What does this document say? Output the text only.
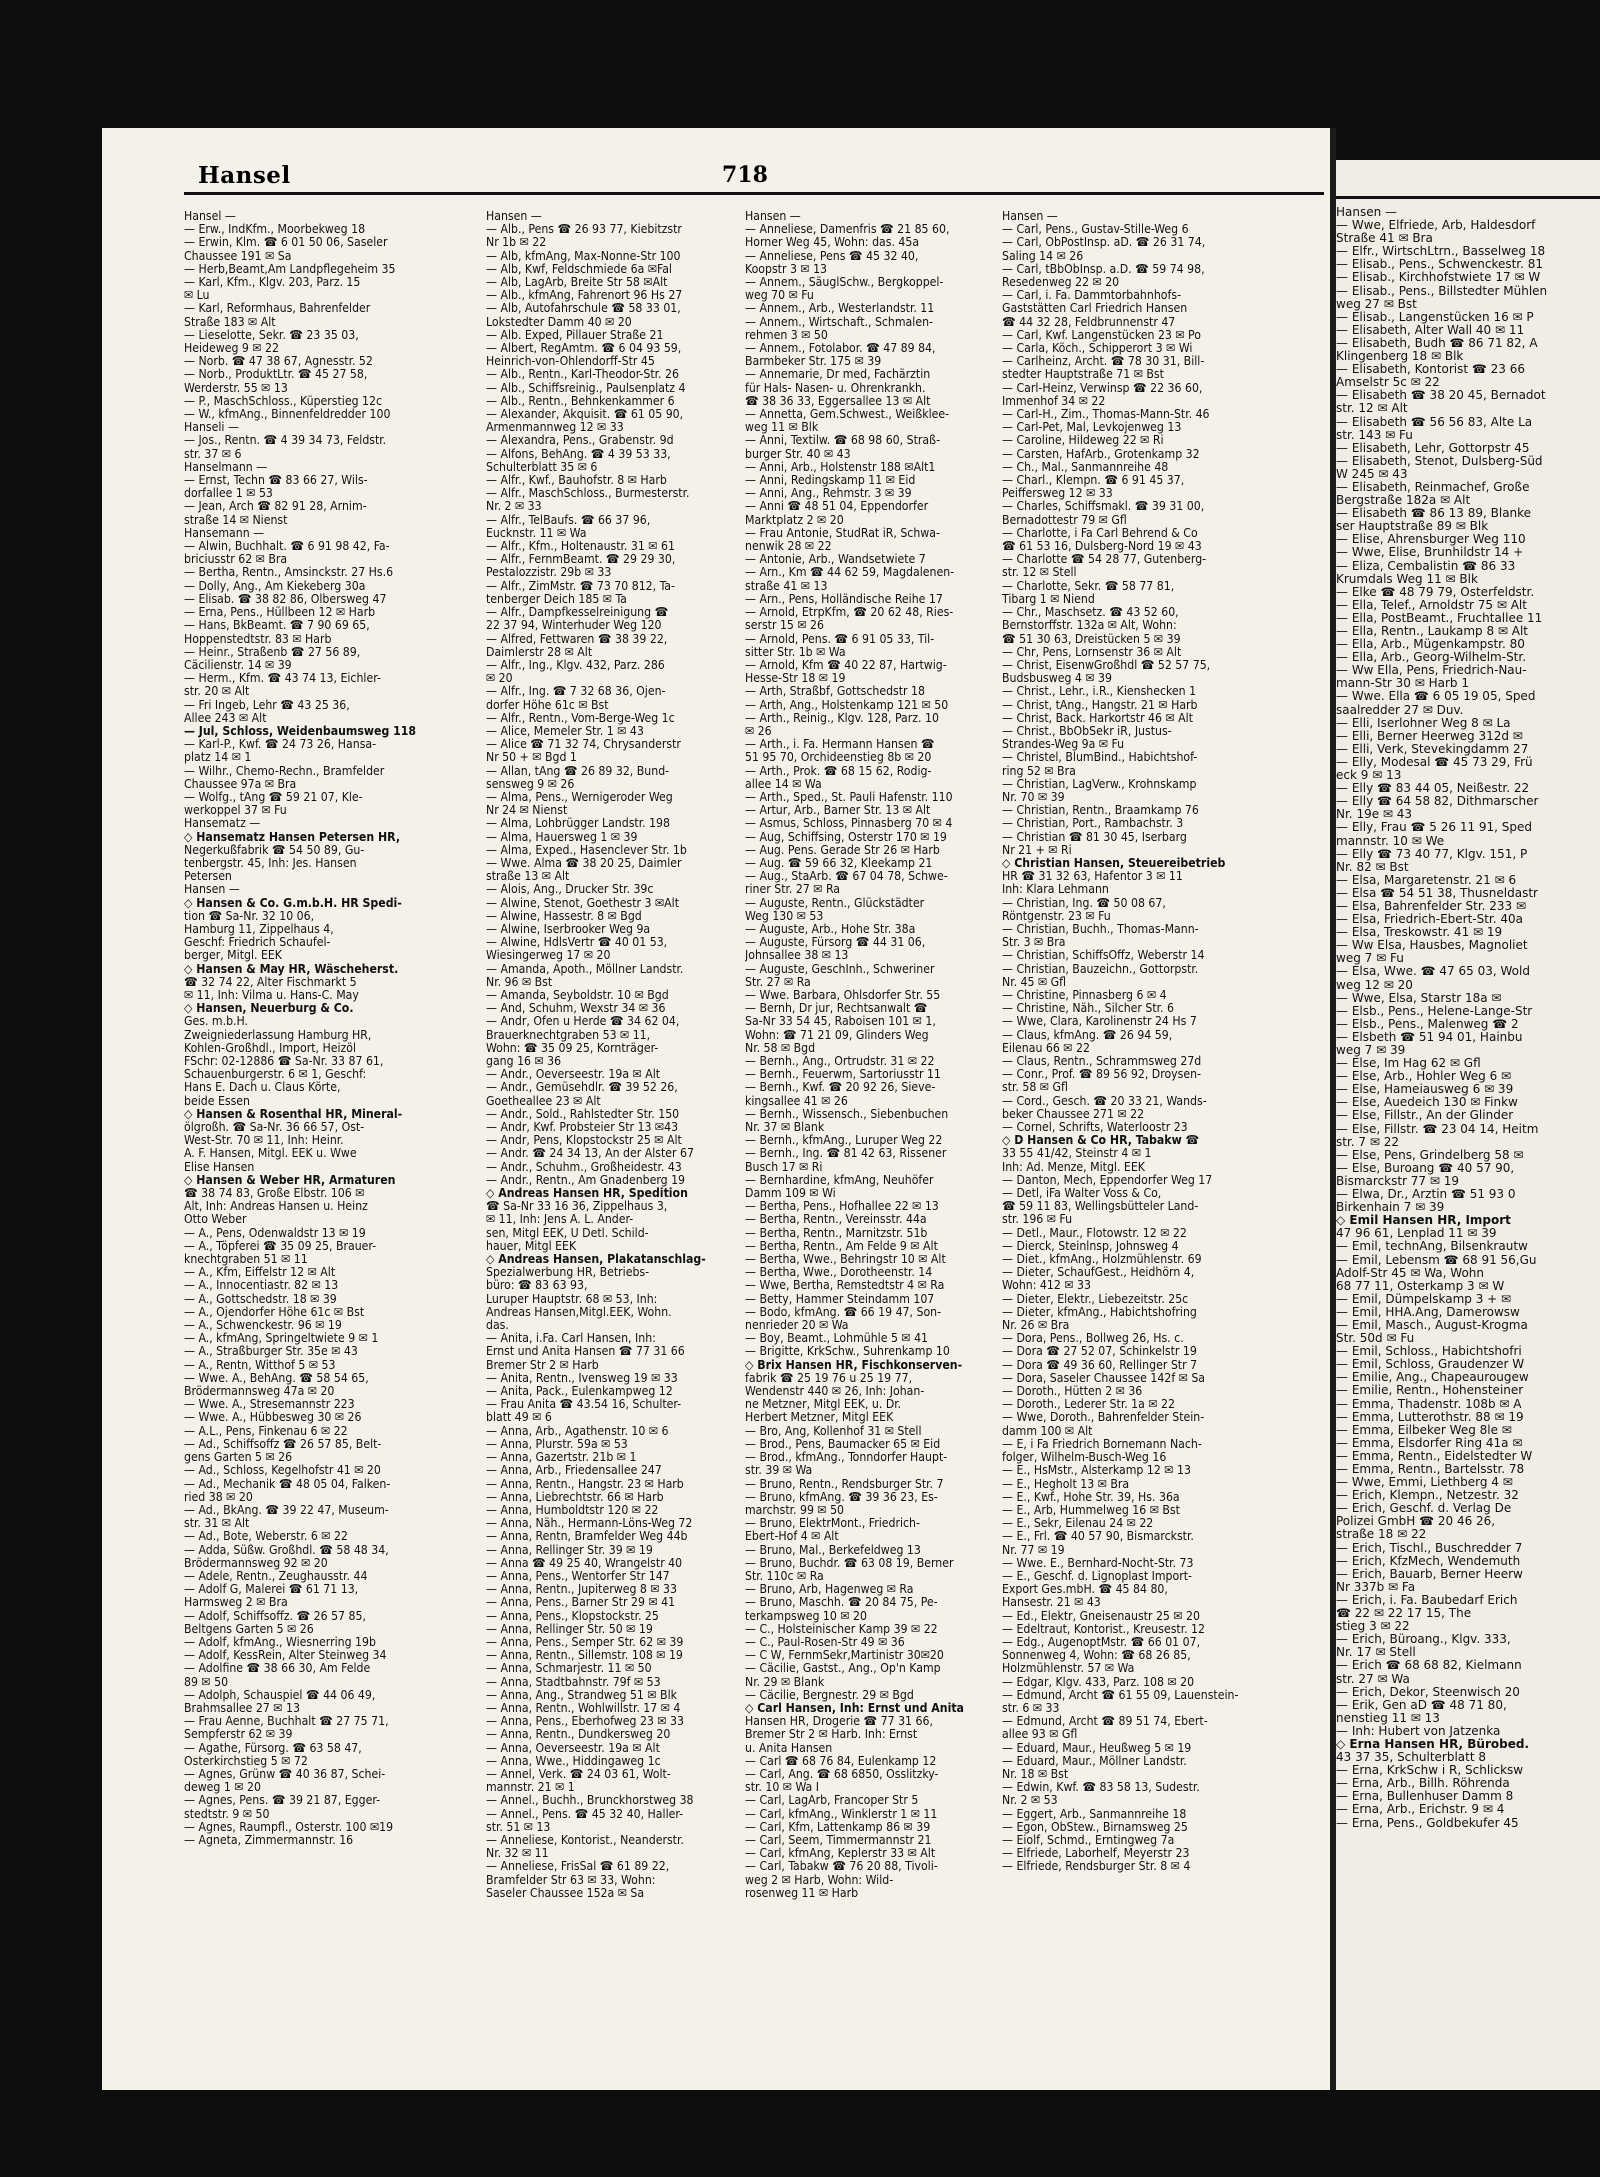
Hansel	718
Hansel —
— Erw., IndKfm., Moorbekweg 18
— Erwin, Klm. ☎ 6 01 50 06, Saseler
Chaussee 191 ✉ Sa
— Herb,Beamt,Am Landpflegeheim 35
— Karl, Kfm., Klgv. 203, Parz. 15
✉ Lu
— Karl, Reformhaus, Bahrenfelder
Straße 183 ✉ Alt
— Lieselotte, Sekr. ☎ 23 35 03,
Heideweg 9 ✉ 22
— Norb. ☎ 47 38 67, Agnesstr. 52
— Norb., ProduktLtr. ☎ 45 27 58,
Werderstr. 55 ✉ 13
— P., MaschSchloss., Küperstieg 12c
— W., kfmAng., Binnenfeldredder 100
Hanseli —
— Jos., Rentn. ☎ 4 39 34 73, Feldstr.
str. 37 ✉ 6
Hanselmann —
— Ernst, Techn ☎ 83 66 27, Wils-
dorfallee 1 ✉ 53
— Jean, Arch ☎ 82 91 28, Arnim-
straße 14 ✉ Nienst
Hansemann —
— Alwin, Buchhalt. ☎ 6 91 98 42, Fa-
briciusstr 62 ✉ Bra
— Bertha, Rentn., Amsinckstr. 27 Hs.6
— Dolly, Ang., Am Kiekeberg 30a
— Elisab. ☎ 38 82 86, Olbersweg 47
— Erna, Pens., Hüllbeen 12 ✉ Harb
— Hans, BkBeamt. ☎ 7 90 69 65,
Hoppenstedtstr. 83 ✉ Harb
— Heinr., Straßenb ☎ 27 56 89,
Cäcilienstr. 14 ✉ 39
— Herm., Kfm. ☎ 43 74 13, Eichler-
str. 20 ✉ Alt
— Fri Ingeb, Lehr ☎ 43 25 36,
Allee 243 ✉ Alt
— Jul, Schloss, Weidenbaumsweg 118
— Karl-P., Kwf. ☎ 24 73 26, Hansa-
platz 14 ✉ 1
— Wilhr., Chemo-Rechn., Bramfelder
Chaussee 97a ✉ Bra
— Wolfg., tAng ☎ 59 21 07, Kle-
werkoppel 37 ✉ Fu
Hansematz —
◇ Hansematz Hansen Petersen HR,
Negerkußfabrik ☎ 54 50 89, Gu-
tenbergstr. 45, Inh: Jes. Hansen
Petersen
Hansen —
◇ Hansen & Co. G.m.b.H. HR Spedi-
tion ☎ Sa-Nr. 32 10 06,
Hamburg 11, Zippelhaus 4,
Geschf: Friedrich Schaufel-
berger, Mitgl. EEK
◇ Hansen & May HR, Wäscheherst.
☎ 32 74 22, Alter Fischmarkt 5
✉ 11, Inh: Vilma u. Hans-C. May
◇ Hansen, Neuerburg & Co.
Ges. m.b.H.
Zweigniederlassung Hamburg HR,
Kohlen-Großhdl., Import, Heizöl
FSchr: 02-12886 ☎ Sa-Nr. 33 87 61,
Schauenburgerstr. 6 ✉ 1, Geschf:
Hans E. Dach u. Claus Körte,
beide Essen
◇ Hansen & Rosenthal HR, Mineral-
ölgroßh. ☎ Sa-Nr. 36 66 57, Ost-
West-Str. 70 ✉ 11, Inh: Heinr.
A. F. Hansen, Mitgl. EEK u. Wwe
Elise Hansen
◇ Hansen & Weber HR, Armaturen
☎ 38 74 83, Große Elbstr. 106 ✉
Alt, Inh: Andreas Hansen u. Heinz
Otto Weber
— A., Pens, Odenwaldstr 13 ✉ 19
— A., Töpferei ☎ 35 09 25, Brauer-
knechtgraben 51 ✉ 11
— A., Kfm, Eiffelstr 12 ✉ Alt
— A., Innocentiastr. 82 ✉ 13
— A., Gottschedstr. 18 ✉ 39
— A., Öjendorfer Höhe 61c ✉ Bst
— A., Schwenckestr. 96 ✉ 19
— A., kfmAng, Springeltwiete 9 ✉ 1
— A., Straßburger Str. 35e ✉ 43
— A., Rentn, Witthof 5 ✉ 53
— Wwe. A., BehAng. ☎ 58 54 65,
Brödermannsweg 47a ✉ 20
— Wwe. A., Stresemannstr 223
— Wwe. A., Hübbesweg 30 ✉ 26
— A.L., Pens, Finkenau 6 ✉ 22
— Ad., Schiffsoffz ☎ 26 57 85, Belt-
gens Garten 5 ✉ 26
— Ad., Schloss, Kegelhofstr 41 ✉ 20
— Ad., Mechanik ☎ 48 05 04, Falken-
ried 38 ✉ 20
— Ad., BkAng. ☎ 39 22 47, Museum-
str. 31 ✉ Alt
— Ad., Bote, Weberstr. 6 ✉ 22
— Adda, Süßw. Großhdl. ☎ 58 48 34,
Brödermannsweg 92 ✉ 20
— Adele, Rentn., Zeughausstr. 44
— Adolf G, Malerei ☎ 61 71 13,
Harmsweg 2 ✉ Bra
— Adolf, Schiffsoffz. ☎ 26 57 85,
Beltgens Garten 5 ✉ 26
— Adolf, kfmAng., Wiesnerring 19b
— Adolf, KessRein, Alter Steinweg 34
— Adolfine ☎ 38 66 30, Am Felde
89 ✉ 50
— Adolph, Schauspiel ☎ 44 06 49,
Brahmsallee 27 ✉ 13
— Frau Aenne, Buchhalt ☎ 27 75 71,
Sempferstr 62 ✉ 39
— Agathe, Fürsorg. ☎ 63 58 47,
Osterkirchstieg 5 ✉ 72
— Agnes, Grünw ☎ 40 36 87, Schei-
deweg 1 ✉ 20
— Agnes, Pens. ☎ 39 21 87, Egger-
stedtstr. 9 ✉ 50
— Agnes, Raumpfl., Osterstr. 100 ✉19
— Agneta, Zimmermannstr. 16
Hansen —
— Alb., Pens ☎ 26 93 77, Kiebitzstr
Nr 1b ✉ 22
— Alb, kfmAng, Max-Nonne-Str 100
— Alb, Kwf, Feldschmiede 6a ✉Fal
— Alb, LagArb, Breite Str 58 ✉Alt
— Alb., kfmAng, Fahrenort 96 Hs 27
— Alb, Autofahrschule ☎ 58 33 01,
Lokstedter Damm 40 ✉ 20
— Alb. Exped, Pillauer Straße 21
— Albert, RegAmtm. ☎ 6 04 93 59,
Heinrich-von-Ohlendorff-Str 45
— Alb., Rentn., Karl-Theodor-Str. 26
— Alb., Schiffsreinig., Paulsenplatz 4
— Alb., Rentn., Behnkenkammer 6
— Alexander, Akquisit. ☎ 61 05 90,
Armenmannweg 12 ✉ 33
— Alexandra, Pens., Grabenstr. 9d
— Alfons, BehAng. ☎ 4 39 53 33,
Schulterblatt 35 ✉ 6
— Alfr., Kwf., Bauhofstr. 8 ✉ Harb
— Alfr., MaschSchloss., Burmesterstr.
Nr. 2 ✉ 33
— Alfr., TelBaufs. ☎ 66 37 96,
Eucknstr. 11 ✉ Wa
— Alfr., Kfm., Holtenaustr. 31 ✉ 61
— Alfr., FernmBeamt. ☎ 29 29 30,
Pestalozzistr. 29b ✉ 33
— Alfr., ZimMstr. ☎ 73 70 812, Ta-
tenberger Deich 185 ✉ Ta
— Alfr., Dampfkesselreinigung ☎
22 37 94, Winterhuder Weg 120
— Alfred, Fettwaren ☎ 38 39 22,
Daimlerstr 28 ✉ Alt
— Alfr., Ing., Klgv. 432, Parz. 286
✉ 20
— Alfr., Ing. ☎ 7 32 68 36, Ojen-
dorfer Höhe 61c ✉ Bst
— Alfr., Rentn., Vom-Berge-Weg 1c
— Alice, Memeler Str. 1 ✉ 43
— Alice ☎ 71 32 74, Chrysanderstr
Nr 50 + ✉ Bgd 1
— Allan, tAng ☎ 26 89 32, Bund-
sensweg 9 ✉ 26
— Alma, Pens., Wernigeroder Weg
Nr 24 ✉ Nienst
— Alma, Lohbrügger Landstr. 198
— Alma, Hauersweg 1 ✉ 39
— Alma, Exped., Hasenclever Str. 1b
— Wwe. Alma ☎ 38 20 25, Daimler
straße 13 ✉ Alt
— Alois, Ang., Drucker Str. 39c
— Alwine, Stenot, Goethestr 3 ✉Alt
— Alwine, Hassestr. 8 ✉ Bgd
— Alwine, Iserbrooker Weg 9a
— Alwine, HdlsVertr ☎ 40 01 53,
Wiesingerweg 17 ✉ 20
— Amanda, Apoth., Möllner Landstr.
Nr. 96 ✉ Bst
— Amanda, Seyboldstr. 10 ✉ Bgd
— And, Schuhm, Wexstr 34 ✉ 36
— Andr, Ofen u Herde ☎ 34 62 04,
Brauerknechtgraben 53 ✉ 11,
Wohn: ☎ 35 09 25, Kornträger-
gang 16 ✉ 36
— Andr., Oeverseestr. 19a ✉ Alt
— Andr., Gemüsehdlr. ☎ 39 52 26,
Goetheallee 23 ✉ Alt
— Andr., Sold., Rahlstedter Str. 150
— Andr, Kwf. Probsteier Str 13 ✉43
— Andr, Pens, Klopstockstr 25 ✉ Alt
— Andr. ☎ 24 34 13, An der Alster 67
— Andr., Schuhm., Großheidestr. 43
— Andr., Rentn., Am Gnadenberg 19
◇ Andreas Hansen HR, Spedition
☎ Sa-Nr 33 16 36, Zippelhaus 3,
✉ 11, Inh: Jens A. L. Ander-
sen, Mitgl EEK, U Detl. Schild-
hauer, Mitgl EEK
◇ Andreas Hansen, Plakatanschlag-
Spezialwerbung HR, Betriebs-
büro: ☎ 83 63 93,
Luruper Hauptstr. 68 ✉ 53, Inh:
Andreas Hansen,Mitgl.EEK, Wohn.
das.
— Anita, i.Fa. Carl Hansen, Inh:
Ernst und Anita Hansen ☎ 77 31 66
Bremer Str 2 ✉ Harb
— Anita, Rentn., Ivensweg 19 ✉ 33
— Anita, Pack., Eulenkampweg 12
— Frau Anita ☎ 43.54 16, Schulter-
blatt 49 ✉ 6
— Anna, Arb., Agathenstr. 10 ✉ 6
— Anna, Plurstr. 59a ✉ 53
— Anna, Gazertstr. 21b ✉ 1
— Anna, Arb., Friedensallee 247
— Anna, Rentn., Hangstr. 23 ✉ Harb
— Anna, Liebrechtstr. 66 ✉ Harb
— Anna, Humboldtstr 120 ✉ 22
— Anna, Näh., Hermann-Löns-Weg 72
— Anna, Rentn, Bramfelder Weg 44b
— Anna, Rellinger Str. 39 ✉ 19
— Anna ☎ 49 25 40, Wrangelstr 40
— Anna, Pens., Wentorfer Str 147
— Anna, Rentn., Jupiterweg 8 ✉ 33
— Anna, Pens., Barner Str 29 ✉ 41
— Anna, Pens., Klopstockstr. 25
— Anna, Rellinger Str. 50 ✉ 19
— Anna, Pens., Semper Str. 62 ✉ 39
— Anna, Rentn., Sillemstr. 108 ✉ 19
— Anna, Schmarjestr. 11 ✉ 50
— Anna, Stadtbahnstr. 79f ✉ 53
— Anna, Ang., Strandweg 51 ✉ Blk
— Anna, Rentn., Wohlwillstr. 17 ✉ 4
— Anna, Pens., Eberhofweg 23 ✉ 33
— Anna, Rentn., Dundkersweg 20
— Anna, Oeverseestr. 19a ✉ Alt
— Anna, Wwe., Hiddingaweg 1c
— Annel, Verk. ☎ 24 03 61, Wolt-
mannstr. 21 ✉ 1
— Annel., Buchh., Brunckhorstweg 38
— Annel., Pens. ☎ 45 32 40, Haller-
str. 51 ✉ 13
— Anneliese, Kontorist., Neanderstr.
Nr. 32 ✉ 11
— Anneliese, FrisSal ☎ 61 89 22,
Bramfelder Str 63 ✉ 33, Wohn:
Saseler Chaussee 152a ✉ Sa
Hansen —
— Anneliese, Damenfris ☎ 21 85 60,
Horner Weg 45, Wohn: das. 45a
— Anneliese, Pens ☎ 45 32 40,
Koopstr 3 ✉ 13
— Annem., SäuglSchw., Bergkoppel-
weg 70 ✉ Fu
— Annem., Arb., Westerlandstr. 11
— Annem., Wirtschaft., Schmalen-
rehmen 3 ✉ 50
— Annem., Fotolabor. ☎ 47 89 84,
Barmbeker Str. 175 ✉ 39
— Annemarie, Dr med, Fachärztin
für Hals- Nasen- u. Ohrenkrankh.
☎ 38 36 33, Eggersallee 13 ✉ Alt
— Annetta, Gem.Schwest., Weißklee-
weg 11 ✉ Blk
— Anni, Textilw. ☎ 68 98 60, Straß-
burger Str. 40 ✉ 43
— Anni, Arb., Holstenstr 188 ✉Alt1
— Anni, Redingskamp 11 ✉ Eid
— Anni, Ang., Rehmstr. 3 ✉ 39
— Anni ☎ 48 51 04, Eppendorfer
Marktplatz 2 ✉ 20
— Frau Antonie, StudRat iR, Schwa-
nenwik 28 ✉ 22
— Antonie, Arb., Wandsetwiete 7
— Arn., Km ☎ 44 62 59, Magdalenen-
straße 41 ✉ 13
— Arn., Pens, Holländische Reihe 17
— Arnold, EtrpKfm, ☎ 20 62 48, Ries-
serstr 15 ✉ 26
— Arnold, Pens. ☎ 6 91 05 33, Til-
sitter Str. 1b ✉ Wa
— Arnold, Kfm ☎ 40 22 87, Hartwig-
Hesse-Str 18 ✉ 19
— Arth, Straßbf, Gottschedstr 18
— Arth, Ang., Holstenkamp 121 ✉ 50
— Arth., Reinig., Klgv. 128, Parz. 10
✉ 26
— Arth., i. Fa. Hermann Hansen ☎
51 95 70, Orchideenstieg 8b ✉ 20
— Arth., Prok. ☎ 68 15 62, Rodig-
allee 14 ✉ Wa
— Arth., Sped., St. Pauli Hafenstr. 110
— Artur, Arb., Barner Str. 13 ✉ Alt
— Asmus, Schloss, Pinnasberg 70 ✉ 4
— Aug, Schiffsing, Osterstr 170 ✉ 19
— Aug. Pens. Gerade Str 26 ✉ Harb
— Aug. ☎ 59 66 32, Kleekamp 21
— Aug., StaArb. ☎ 67 04 78, Schwe-
riner Str. 27 ✉ Ra
— Auguste, Rentn., Glückstädter
Weg 130 ✉ 53
— Auguste, Arb., Hohe Str. 38a
— Auguste, Fürsorg ☎ 44 31 06,
Johnsallee 38 ✉ 13
— Auguste, GeschInh., Schweriner
Str. 27 ✉ Ra
— Wwe. Barbara, Ohlsdorfer Str. 55
— Bernh, Dr jur, Rechtsanwalt ☎
Sa-Nr 33 54 45, Raboisen 101 ✉ 1,
Wohn: ☎ 71 21 09, Glinders Weg
Nr. 58 ✉ Bgd
— Bernh., Ang., Ortrudstr. 31 ✉ 22
— Bernh., Feuerwm, Sartoriusstr 11
— Bernh., Kwf. ☎ 20 92 26, Sieve-
kingsallee 41 ✉ 26
— Bernh., Wissensch., Siebenbuchen
Nr. 37 ✉ Blank
— Bernh., kfmAng., Luruper Weg 22
— Bernh., Ing. ☎ 81 42 63, Rissener
Busch 17 ✉ Ri
— Bernhardine, kfmAng, Neuhöfer
Damm 109 ✉ Wi
— Bertha, Pens., Hofhallee 22 ✉ 13
— Bertha, Rentn., Vereinsstr. 44a
— Bertha, Rentn., Marnitzstr. 51b
— Bertha, Rentn., Am Felde 9 ✉ Alt
— Bertha, Wwe., Behringstr 10 ✉ Alt
— Bertha, Wwe., Dorotheenstr. 14
— Wwe, Bertha, Remstedtstr 4 ✉ Ra
— Betty, Hammer Steindamm 107
— Bodo, kfmAng. ☎ 66 19 47, Son-
nenrieder 20 ✉ Wa
— Boy, Beamt., Lohmühle 5 ✉ 41
— Brigitte, KrkSchw., Suhrenkamp 10
◇ Brix Hansen HR, Fischkonserven-
fabrik ☎ 25 19 76 u 25 19 77,
Wendenstr 440 ✉ 26, Inh: Johan-
ne Metzner, Mitgl EEK, u. Dr.
Herbert Metzner, Mitgl EEK
— Bro, Ang, Kollenhof 31 ✉ Stell
— Brod., Pens, Baumacker 65 ✉ Eid
— Brod., kfmAng., Tonndorfer Haupt-
str. 39 ✉ Wa
— Bruno, Rentn., Rendsburger Str. 7
— Bruno, kfmAng. ☎ 39 36 23, Es-
marchstr. 99 ✉ 50
— Bruno, ElektrMont., Friedrich-
Ebert-Hof 4 ✉ Alt
— Bruno, Mal., Berkefeldweg 13
— Bruno, Buchdr. ☎ 63 08 19, Berner
Str. 110c ✉ Ra
— Bruno, Arb, Hagenweg ✉ Ra
— Bruno, Maschh. ☎ 20 84 75, Pe-
terkampsweg 10 ✉ 20
— C., Holsteinischer Kamp 39 ✉ 22
— C., Paul-Rosen-Str 49 ✉ 36
— C W, FernmSekr,Martinistr 30✉20
— Cäcilie, Gastst., Ang., Op'n Kamp
Nr. 29 ✉ Blank
— Cäcilie, Bergnestr. 29 ✉ Bgd
◇ Carl Hansen, Inh: Ernst und Anita
Hansen HR, Drogerie ☎ 77 31 66,
Bremer Str 2 ✉ Harb. Inh: Ernst
u. Anita Hansen
— Carl ☎ 68 76 84, Eulenkamp 12
— Carl, Ang. ☎ 68 6850, Osslitzky-
str. 10 ✉ Wa I
— Carl, LagArb, Francoper Str 5
— Carl, kfmAng., Winklerstr 1 ✉ 11
— Carl, Kfm, Lattenkamp 86 ✉ 39
— Carl, Seem, Timmermannstr 21
— Carl, kfmAng, Keplerstr 33 ✉ Alt
— Carl, Tabakw ☎ 76 20 88, Tivoli-
weg 2 ✉ Harb, Wohn: Wild-
rosenweg 11 ✉ Harb
Hansen —
— Carl, Pens., Gustav-Stille-Weg 6
— Carl, ObPostInsp. aD. ☎ 26 31 74,
Saling 14 ✉ 26
— Carl, tBbObInsp. a.D. ☎ 59 74 98,
Resedenweg 22 ✉ 20
— Carl, i. Fa. Dammtorbahnhofs-
Gaststätten Carl Friedrich Hansen
☎ 44 32 28, Feldbrunnenstr 47
— Carl, Kwf. Langenstücken 23 ✉ Po
— Carla, Köch., Schipperort 3 ✉ Wi
— Carlheinz, Archt. ☎ 78 30 31, Bill-
stedter Hauptstraße 71 ✉ Bst
— Carl-Heinz, Verwinsp ☎ 22 36 60,
Immenhof 34 ✉ 22
— Carl-H., Zim., Thomas-Mann-Str. 46
— Carl-Pet, Mal, Levkojenweg 13
— Caroline, Hildeweg 22 ✉ Ri
— Carsten, HafArb., Grotenkamp 32
— Ch., Mal., Sanmannreihe 48
— Charl., Klempn. ☎ 6 91 45 37,
Peiffersweg 12 ✉ 33
— Charles, Schiffsmakl. ☎ 39 31 00,
Bernadottestr 79 ✉ Gfl
— Charlotte, i Fa Carl Behrend & Co
☎ 61 53 16, Dulsberg-Nord 19 ✉ 43
— Charlotte ☎ 54 28 77, Gutenberg-
str. 12 ✉ Stell
— Charlotte, Sekr. ☎ 58 77 81,
Tibarg 1 ✉ Niend
— Chr., Maschsetz. ☎ 43 52 60,
Bernstorffstr. 132a ✉ Alt, Wohn:
☎ 51 30 63, Dreistücken 5 ✉ 39
— Chr, Pens, Lornsenstr 36 ✉ Alt
— Christ, EisenwGroßhdl ☎ 52 57 75,
Budsbusweg 4 ✉ 39
— Christ., Lehr., i.R., Kienshecken 1
— Christ, tAng., Hangstr. 21 ✉ Harb
— Christ, Back. Harkortstr 46 ✉ Alt
— Christ., BbObSekr iR, Justus-
Strandes-Weg 9a ✉ Fu
— Christel, BlumBind., Habichtshof-
ring 52 ✉ Bra
— Christian, LagVerw., Krohnskamp
Nr. 70 ✉ 39
— Christian, Rentn., Braamkamp 76
— Christian, Port., Rambachstr. 3
— Christian ☎ 81 30 45, Iserbarg
Nr 21 + ✉ Ri
◇ Christian Hansen, Steuereibetrieb
HR ☎ 31 32 63, Hafentor 3 ✉ 11
Inh: Klara Lehmann
— Christian, Ing. ☎ 50 08 67,
Röntgenstr. 23 ✉ Fu
— Christian, Buchh., Thomas-Mann-
Str. 3 ✉ Bra
— Christian, SchiffsOffz, Weberstr 14
— Christian, Bauzeichn., Gottorpstr.
Nr. 45 ✉ Gfl
— Christine, Pinnasberg 6 ✉ 4
— Christine, Näh., Silcher Str. 6
— Wwe, Clara, Karolinenstr 24 Hs 7
— Claus, kfmAng. ☎ 26 94 59,
Eilenau 66 ✉ 22
— Claus, Rentn., Schrammsweg 27d
— Conr., Prof. ☎ 89 56 92, Droysen-
str. 58 ✉ Gfl
— Cord., Gesch. ☎ 20 33 21, Wands-
beker Chaussee 271 ✉ 22
— Cornel, Schrifts, Waterloostr 23
◇ D Hansen & Co HR, Tabakw ☎
33 55 41/42, Steinstr 4 ✉ 1
Inh: Ad. Menze, Mitgl. EEK
— Danton, Mech, Eppendorfer Weg 17
— Detl, iFa Walter Voss & Co,
☎ 59 11 83, Wellingsbütteler Land-
str. 196 ✉ Fu
— Detl., Maur., Flotowstr. 12 ✉ 22
— Dierck, Steinlnsp, Johnsweg 4
— Diet., kfmAng., Holzmühlenstr. 69
— Dieter, SchaufGest., Heidhörn 4,
Wohn: 412 ✉ 33
— Dieter, Elektr., Liebezeitstr. 25c
— Dieter, kfmAng., Habichtshofring
Nr. 26 ✉ Bra
— Dora, Pens., Bollweg 26, Hs. c.
— Dora ☎ 27 52 07, Schinkelstr 19
— Dora ☎ 49 36 60, Rellinger Str 7
— Dora, Saseler Chaussee 142f ✉ Sa
— Doroth., Hütten 2 ✉ 36
— Doroth., Lederer Str. 1a ✉ 22
— Wwe, Doroth., Bahrenfelder Stein-
damm 100 ✉ Alt
— E, i Fa Friedrich Bornemann Nach-
folger, Wilhelm-Busch-Weg 16
— E., HsMstr., Alsterkamp 12 ✉ 13
— E., Hegholt 13 ✉ Bra
— E., Kwf., Hohe Str. 39, Hs. 36a
— E., Arb, Hummelweg 16 ✉ Bst
— E., Sekr, Eilenau 24 ✉ 22
— E., Frl. ☎ 40 57 90, Bismarckstr.
Nr. 77 ✉ 19
— Wwe. E., Bernhard-Nocht-Str. 73
— E., Geschf. d. Lignoplast Import-
Export Ges.mbH. ☎ 45 84 80,
Hansestr. 21 ✉ 43
— Ed., Elektr, Gneisenaustr 25 ✉ 20
— Edeltraut, Kontorist., Kreusestr. 12
— Edg., AugenoptMstr. ☎ 66 01 07,
Sonnenweg 4, Wohn: ☎ 68 26 85,
Holzmühlenstr. 57 ✉ Wa
— Edgar, Klgv. 433, Parz. 108 ✉ 20
— Edmund, Archt ☎ 61 55 09, Lauenstein-
str. 6 ✉ 33
— Edmund, Archt ☎ 89 51 74, Ebert-
allee 93 ✉ Gfl
— Eduard, Maur., Heußweg 5 ✉ 19
— Eduard, Maur., Möllner Landstr.
Nr. 18 ✉ Bst
— Edwin, Kwf. ☎ 83 58 13, Sudestr.
Nr. 2 ✉ 53
— Eggert, Arb., Sanmannreihe 18
— Egon, ObStew., Birnamsweg 25
— Eiolf, Schmd., Erntingweg 7a
— Elfriede, Laborhelf, Meyerstr 23
— Elfriede, Rendsburger Str. 8 ✉ 4
Hansen —
— Wwe, Elfriede, Arb, Haldesdorf
Straße 41 ✉ Bra
— Elfr., WirtschLtrn., Basselweg 18
— Elisab., Pens., Schwenckestr. 81
— Elisab., Kirchhofstwiete 17 ✉ W
— Elisab., Pens., Billstedter Mühlen
weg 27 ✉ Bst
— Elisab., Langenstücken 16 ✉ P
— Elisabeth, Alter Wall 40 ✉ 11
— Elisabeth, Budh ☎ 86 71 82, A
Klingenberg 18 ✉ Blk
— Elisabeth, Kontorist ☎ 23 66
Amselstr 5c ✉ 22
— Elisabeth ☎ 38 20 45, Bernadot
str. 12 ✉ Alt
— Elisabeth ☎ 56 56 83, Alte La
str. 143 ✉ Fu
— Elisabeth, Lehr, Gottorpstr 45
— Elisabeth, Stenot, Dulsberg-Süd
W 245 ✉ 43
— Elisabeth, Reinmachef, Große
Bergstraße 182a ✉ Alt
— Elisabeth ☎ 86 13 89, Blanke
ser Hauptstraße 89 ✉ Blk
— Elise, Ahrensburger Weg 110
— Wwe, Elise, Brunhildstr 14 +
— Eliza, Cembalistin ☎ 86 33
Krumdals Weg 11 ✉ Blk
— Elke ☎ 48 79 79, Osterfeldstr.
— Ella, Telef., Arnoldstr 75 ✉ Alt
— Ella, PostBeamt., Fruchtallee 11
— Ella, Rentn., Laukamp 8 ✉ Alt
— Ella, Arb., Mügenkampstr. 80
— Ella, Arb., Georg-Wilhelm-Str.
— Ww Ella, Pens, Friedrich-Nau-
mann-Str 30 ✉ Harb 1
— Wwe. Ella ☎ 6 05 19 05, Sped
saalredder 27 ✉ Duv.
— Elli, Iserlohner Weg 8 ✉ La
— Elli, Berner Heerweg 312d ✉
— Elli, Verk, Stevekingdamm 27
— Elly, Modesal ☎ 45 73 29, Frü
eck 9 ✉ 13
— Elly ☎ 83 44 05, Neißestr. 22
— Elly ☎ 64 58 82, Dithmarscher
Nr. 19e ✉ 43
— Elly, Frau ☎ 5 26 11 91, Sped
mannstr. 10 ✉ We
— Elly ☎ 73 40 77, Klgv. 151, P
Nr. 82 ✉ Bst
— Elsa, Margaretenstr. 21 ✉ 6
— Elsa ☎ 54 51 38, Thusneldastr
— Elsa, Bahrenfelder Str. 233 ✉
— Elsa, Friedrich-Ebert-Str. 40a
— Elsa, Treskowstr. 41 ✉ 19
— Ww Elsa, Hausbes, Magnoliet
weg 7 ✉ Fu
— Elsa, Wwe. ☎ 47 65 03, Wold
weg 12 ✉ 20
— Wwe, Elsa, Starstr 18a ✉
— Elsb., Pens., Helene-Lange-Str
— Elsb., Pens., Malenweg ☎ 2
— Elsbeth ☎ 51 94 01, Hainbu
weg 7 ✉ 39
— Else, Im Hag 62 ✉ Gfl
— Else, Arb., Hohler Weg 6 ✉
— Else, Hameiausweg 6 ✉ 39
— Else, Auedeich 130 ✉ Finkw
— Else, Fillstr., An der Glinder
— Else, Fillstr. ☎ 23 04 14, Heitm
str. 7 ✉ 22
— Else, Pens, Grindelberg 58 ✉
— Else, Buroang ☎ 40 57 90,
Bismarckstr 77 ✉ 19
— Elwa, Dr., Ärztin ☎ 51 93 0
Birkenhain 7 ✉ 39
◇ Emil Hansen HR, Import
47 96 61, Lenplad 11 ✉ 39
— Emil, technAng, Bilsenkrautw
— Emil, Lebensm ☎ 68 91 56,Gu
Adolf-Str 45 ✉ Wa, Wohn
68 77 11, Osterkamp 3 ✉ W
— Emil, Dümpelskamp 3 + ✉
— Emil, HHA.Ang, Damerowsw
— Emil, Masch., August-Krogma
Str. 50d ✉ Fu
— Emil, Schloss., Habichtshofri
— Emil, Schloss, Graudenzer W
— Emilie, Ang., Chapeaurougew
— Emilie, Rentn., Hohensteiner
— Emma, Thadenstr. 108b ✉ A
— Emma, Lutterothstr. 88 ✉ 19
— Emma, Eilbeker Weg 8le ✉
— Emma, Elsdorfer Ring 41a ✉
— Emma, Rentn., Eidelstedter W
— Emma, Rentn., Bartelsstr. 78
— Wwe, Emmi, Liethberg 4 ✉
— Erich, Klempn., Netzestr. 32
— Erich, Geschf. d. Verlag De
Polizei GmbH ☎ 20 46 26,
straße 18 ✉ 22
— Erich, Tischl., Buschredder 7
— Erich, KfzMech, Wendemuth
— Erich, Bauarb, Berner Heerw
Nr 337b ✉ Fa
— Erich, i. Fa. Baubedarf Erich
☎ 22 ✉ 22 17 15, The
stieg 3 ✉ 22
— Erich, Büroang., Klgv. 333,
Nr. 17 ✉ Stell
— Erich ☎ 68 68 82, Kielmann
str. 27 ✉ Wa
— Erich, Dekor, Steenwisch 20
— Erik, Gen aD ☎ 48 71 80,
nenstieg 11 ✉ 13
— Inh: Hubert von Jatzenka
◇ Erna Hansen HR, Bürobed.
43 37 35, Schulterblatt 8
— Erna, KrkSchw i R, Schlicksw
— Erna, Arb., Billh. Röhrenda
— Erna, Bullenhuser Damm 8
— Erna, Arb., Erichstr. 9 ✉ 4
— Erna, Pens., Goldbekufer 45
